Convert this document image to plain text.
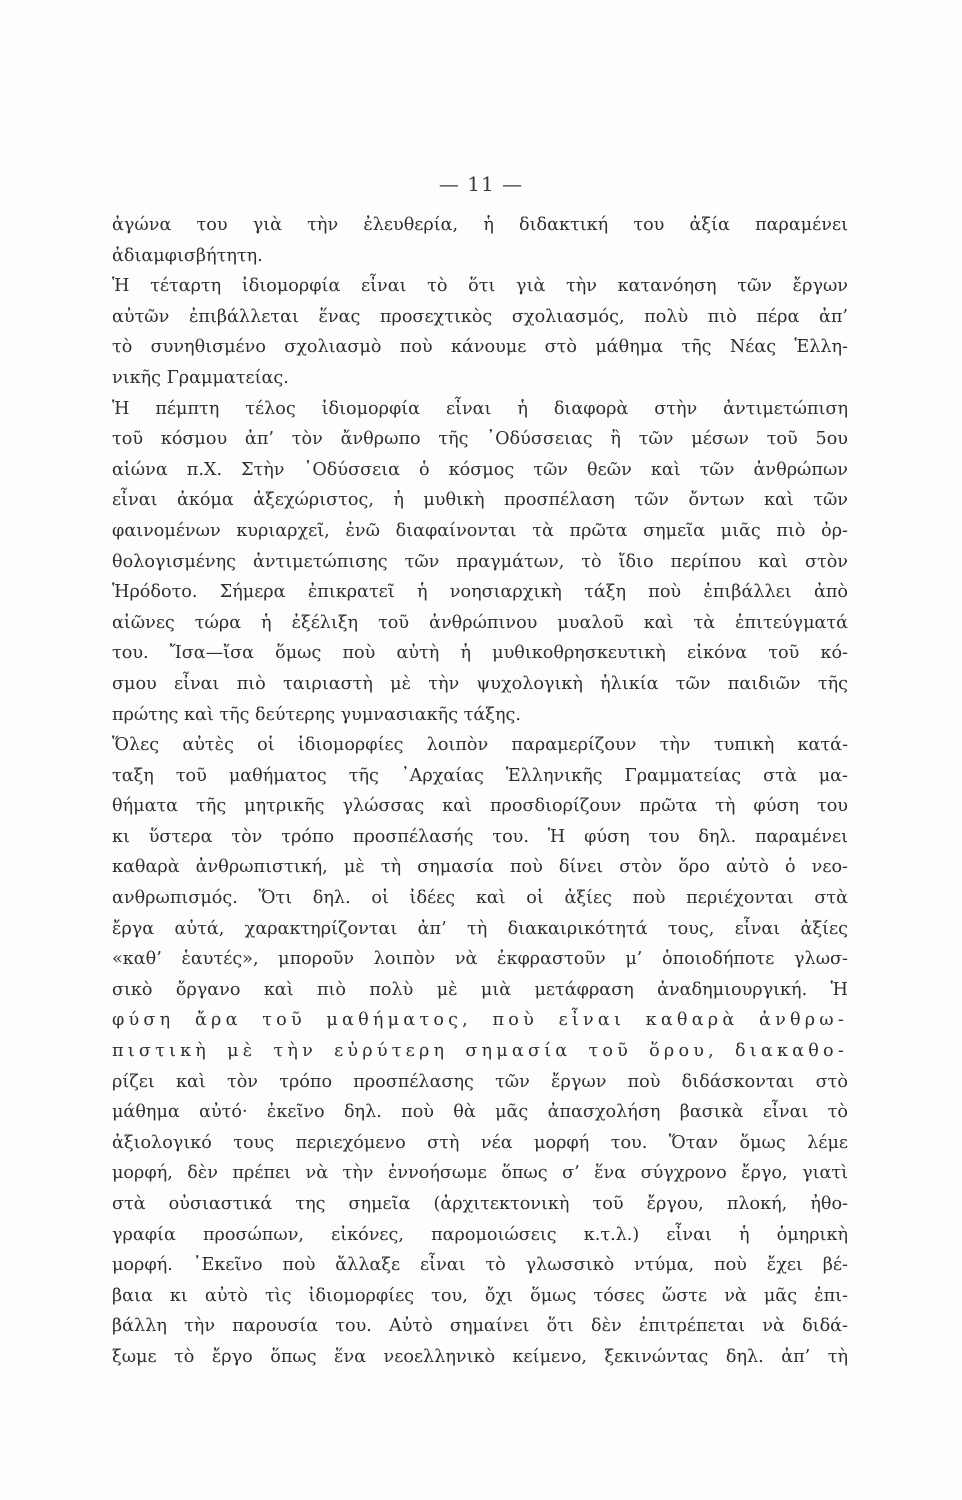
— 11 —
ἀγώνα του γιὰ τὴν ἐλευθερία, ἡ διδακτική του ἀξία παραμένει
ἀδιαμφισβήτητη.
Ἡ τέταρτη ἰδιομορφία εἶναι τὸ ὅτι γιὰ τὴν κατανόηση τῶν ἔργων
αὐτῶν ἐπιβάλλεται ἕνας προσεχτικὸς σχολιασμός, πολὺ πιὸ πέρα ἀπ’
τὸ συνηθισμένο σχολιασμὸ ποὺ κάνουμε στὸ μάθημα τῆς Νέας Ἑλλη-
νικῆς Γραμματείας.
Ἡ πέμπτη τέλος ἰδιομορφία εἶναι ἡ διαφορὰ στὴν ἀντιμετώπιση
τοῦ κόσμου ἀπ’ τὸν ἄνθρωπο τῆς ᾿Οδύσσειας ἢ τῶν μέσων τοῦ 5ου
αἰώνα π.Χ. Στὴν ᾿Οδύσσεια ὁ κόσμος τῶν θεῶν καὶ τῶν ἀνθρώπων
εἶναι ἀκόμα ἀξεχώριστος, ἡ μυθικὴ προσπέλαση τῶν ὄντων καὶ τῶν
φαινομένων κυριαρχεῖ, ἐνῶ διαφαίνονται τὰ πρῶτα σημεῖα μιᾶς πιὸ ὀρ-
θολογισμένης ἀντιμετώπισης τῶν πραγμάτων, τὸ ἴδιο περίπου καὶ στὸν
Ἡρόδοτο. Σήμερα ἐπικρατεῖ ἡ νοησιαρχικὴ τάξη ποὺ ἐπιβάλλει ἀπὸ
αἰῶνες τώρα ἡ ἐξέλιξη τοῦ ἀνθρώπινου μυαλοῦ καὶ τὰ ἐπιτεύγματά
του. Ἴσα—ἴσα ὅμως ποὺ αὐτὴ ἡ μυθικοθρησκευτικὴ εἰκόνα τοῦ κό-
σμου εἶναι πιὸ ταιριαστὴ μὲ τὴν ψυχολογικὴ ἡλικία τῶν παιδιῶν τῆς
πρώτης καὶ τῆς δεύτερης γυμνασιακῆς τάξης.
Ὅλες αὐτὲς οἱ ἰδιομορφίες λοιπὸν παραμερίζουν τὴν τυπικὴ κατά-
ταξη τοῦ μαθήματος τῆς ᾿Αρχαίας Ἑλληνικῆς Γραμματείας στὰ μα-
θήματα τῆς μητρικῆς γλώσσας καὶ προσδιορίζουν πρῶτα τὴ φύση του
κι ὕστερα τὸν τρόπο προσπέλασής του. Ἡ φύση του δηλ. παραμένει
καθαρὰ ἀνθρωπιστική, μὲ τὴ σημασία ποὺ δίνει στὸν ὅρο αὐτὸ ὁ νεο-
ανθρωπισμός. Ὅτι δηλ. οἱ ἰδέες καὶ οἱ ἀξίες ποὺ περιέχονται στὰ
ἔργα αὐτά, χαρακτηρίζονται ἀπ’ τὴ διακαιρικότητά τους, εἶναι ἀξίες
«καθ’ ἑαυτές», μποροῦν λοιπὸν νὰ ἐκφραστοῦν μ’ ὁποιοδήποτε γλωσ-
σικὸ ὄργανο καὶ πιὸ πολὺ μὲ μιὰ μετάφραση ἀναδημιουργική. Ἡ
φύση ἄρα τοῦ μαθήματος, ποὺ εἶναι καθαρὰ ἀνθρω-
πιστικὴ μὲ τὴν εὐρύτερη σημασία τοῦ ὅρου, διακαθο-
ρίζει καὶ τὸν τρόπο προσπέλασης τῶν ἔργων ποὺ διδάσκονται στὸ
μάθημα αὐτό· ἐκεῖνο δηλ. ποὺ θὰ μᾶς ἀπασχολήση βασικὰ εἶναι τὸ
ἀξιολογικό τους περιεχόμενο στὴ νέα μορφή του. Ὅταν ὅμως λέμε
μορφή, δὲν πρέπει νὰ τὴν ἐννοήσωμε ὅπως σ’ ἕνα σύγχρονο ἔργο, γιατὶ
στὰ οὐσιαστικά της σημεῖα (ἀρχιτεκτονικὴ τοῦ ἔργου, πλοκή, ἠθο-
γραφία προσώπων, εἰκόνες, παρομοιώσεις κ.τ.λ.) εἶναι ἡ ὁμηρικὴ
μορφή. ᾿Εκεῖνο ποὺ ἄλλαξε εἶναι τὸ γλωσσικὸ ντύμα, ποὺ ἔχει βέ-
βαια κι αὐτὸ τὶς ἰδιομορφίες του, ὄχι ὅμως τόσες ὥστε νὰ μᾶς ἐπι-
βάλλη τὴν παρουσία του. Αὐτὸ σημαίνει ὅτι δὲν ἐπιτρέπεται νὰ διδά-
ξωμε τὸ ἔργο ὅπως ἕνα νεοελληνικὸ κείμενο, ξεκινώντας δηλ. ἀπ’ τὴ
